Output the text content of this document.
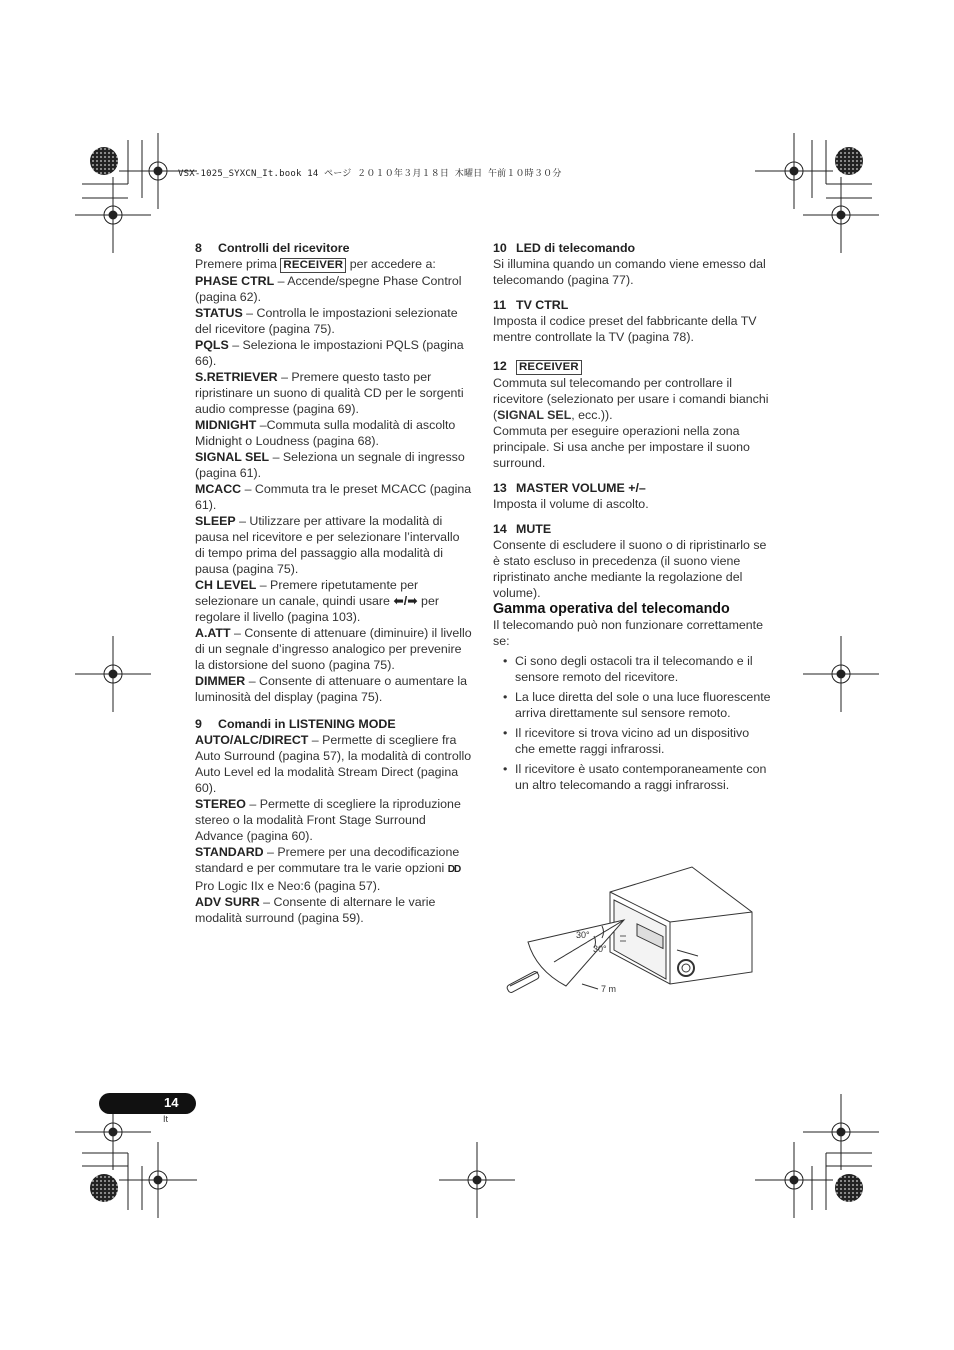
VSX-1025_SYXCN_It.book 14 ページ ２０１０年３月１８日 木曜日 午前１０時３０分

8 Controlli del ricevitore

Premere prima RECEIVER per accedere a:

PHASE CTRL – Accende/spegne Phase Control (pagina 62).

STATUS – Controlla le impostazioni selezionate del ricevitore (pagina 75).

PQLS – Seleziona le impostazioni PQLS (pagina 66).

S.RETRIEVER – Premere questo tasto per ripristinare un suono di qualità CD per le sorgenti audio compresse (pagina 69).

MIDNIGHT –Commuta sulla modalità di ascolto Midnight o Loudness (pagina 68).

SIGNAL SEL – Seleziona un segnale di ingresso (pagina 61).

MCACC – Commuta tra le preset MCACC (pagina 61).

SLEEP – Utilizzare per attivare la modalità di pausa nel ricevitore e per selezionare l’intervallo di tempo prima del passaggio alla modalità di pausa (pagina 75).

CH LEVEL – Premere ripetutamente per selezionare un canale, quindi usare ⬅/➡ per regolare il livello (pagina 103).

A.ATT – Consente di attenuare (diminuire) il livello di un segnale d’ingresso analogico per prevenire la distorsione del suono (pagina 75).

DIMMER – Consente di attenuare o aumentare la luminosità del display (pagina 75).

9 Comandi in LISTENING MODE

AUTO/ALC/DIRECT – Permette di scegliere fra Auto Surround (pagina 57), la modalità di controllo Auto Level ed la modalità Stream Direct (pagina 60).

STEREO – Permette di scegliere la riproduzione stereo o la modalità Front Stage Surround Advance (pagina 60).

STANDARD – Premere per una decodificazione standard e per commutare tra le varie opzioni DD Pro Logic IIx e Neo:6 (pagina 57).

ADV SURR – Consente di alternare le varie modalità surround (pagina 59).

10 LED di telecomando

Si illumina quando un comando viene emesso dal telecomando (pagina 77).

11 TV CTRL

Imposta il codice preset del fabbricante della TV mentre controllate la TV (pagina 78).

12 RECEIVER

Commuta sul telecomando per controllare il ricevitore (selezionato per usare i comandi bianchi (SIGNAL SEL, ecc.)).

Commuta per eseguire operazioni nella zona principale. Si usa anche per impostare il suono surround.

13 MASTER VOLUME +/–

Imposta il volume di ascolto.

14 MUTE

Consente di escludere il suono o di ripristinarlo se è stato escluso in precedenza (il suono viene ripristinato anche mediante la regolazione del volume).

Gamma operativa del telecomando

Il telecomando può non funzionare correttamente se:

• Ci sono degli ostacoli tra il telecomando e il sensore remoto del ricevitore.
• La luce diretta del sole o una luce fluorescente arriva direttamente sul sensore remoto.
• Il ricevitore si trova vicino ad un dispositivo che emette raggi infrarossi.
• Il ricevitore è usato contemporaneamente con un altro telecomando a raggi infrarossi.
30°
30°
7 m
14
It
